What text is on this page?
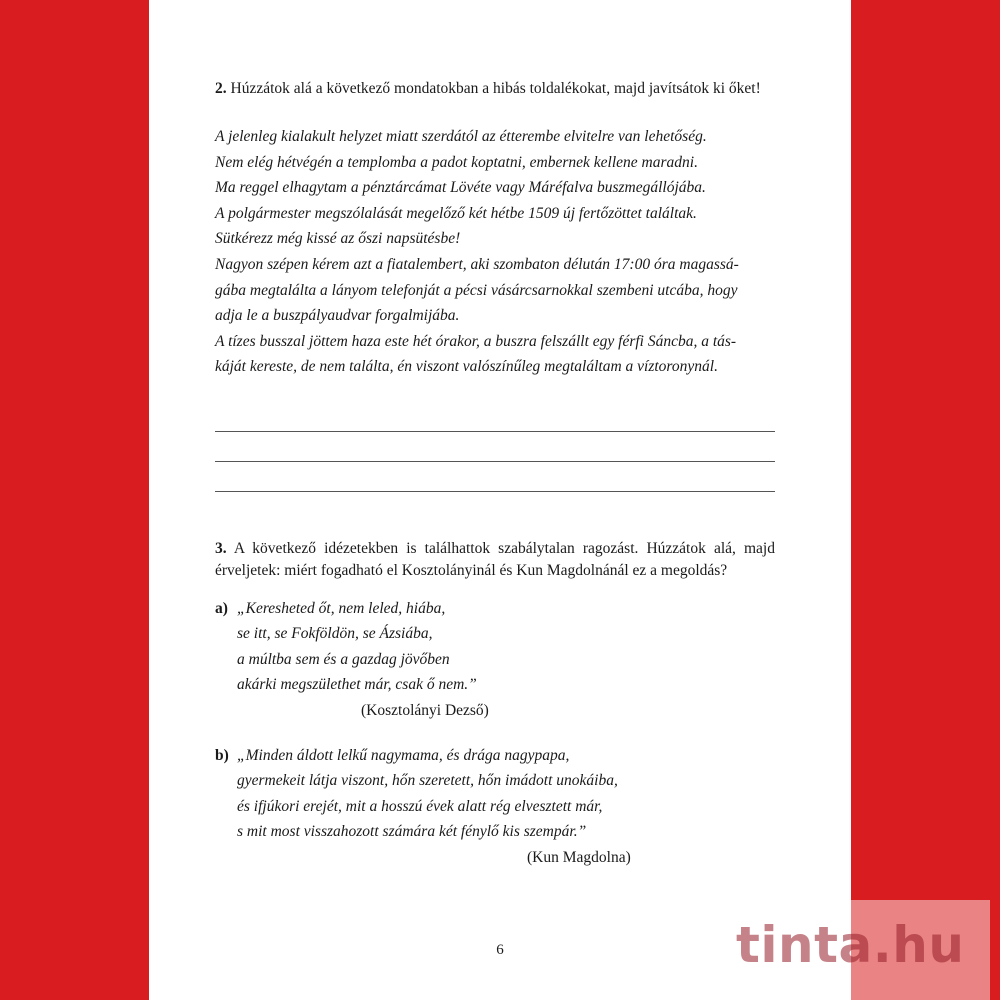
2. Húzzátok alá a következő mondatokban a hibás toldalékokat, majd javítsátok ki őket!

A jelenleg kialakult helyzet miatt szerdától az étterembe elvitelre van lehetőség.
Nem elég hétvégén a templomba a padot koptatni, embernek kellene maradni.
Ma reggel elhagytam a pénztárcámat Lövéte vagy Máréfalva buszmegállójába.
A polgármester megszólalását megelőző két hétbe 1509 új fertőzöttet találtak.
Sütkérezz még kissé az őszi napsütésbe!
Nagyon szépen kérem azt a fiatalembert, aki szombaton délután 17:00 óra magassá-
gába megtalálta a lányom telefonját a pécsi vásárcsarnokkal szembeni utcába, hogy
adja le a buszpályaudvar forgalmijába.
A tízes busszal jöttem haza este hét órakor, a buszra felszállt egy férfi Sáncba, a tás-
káját kereste, de nem találta, én viszont valószínűleg megtaláltam a víztoronynál.

3. A következő idézetekben is találhattok szabálytalan ragozást. Húzzátok alá, majd érveljetek: miért fogadható el Kosztolányinál és Kun Magdolnánál ez a megoldás?

a) „Keresheted őt, nem leled, hiába,
se itt, se Fokföldön, se Ázsiába,
a múltba sem és a gazdag jövőben
akárki megszülethet már, csak ő nem.”
(Kosztolányi Dezső)
b) „Minden áldott lelkű nagymama, és drága nagypapa,
gyermekeit látja viszont, hőn szeretett, hőn imádott unokáiba,
és ifjúkori erejét, mit a hosszú évek alatt rég elvesztett már,
s mit most visszahozott számára két fénylő kis szempár.”
(Kun Magdolna)
6	tinta.hu
